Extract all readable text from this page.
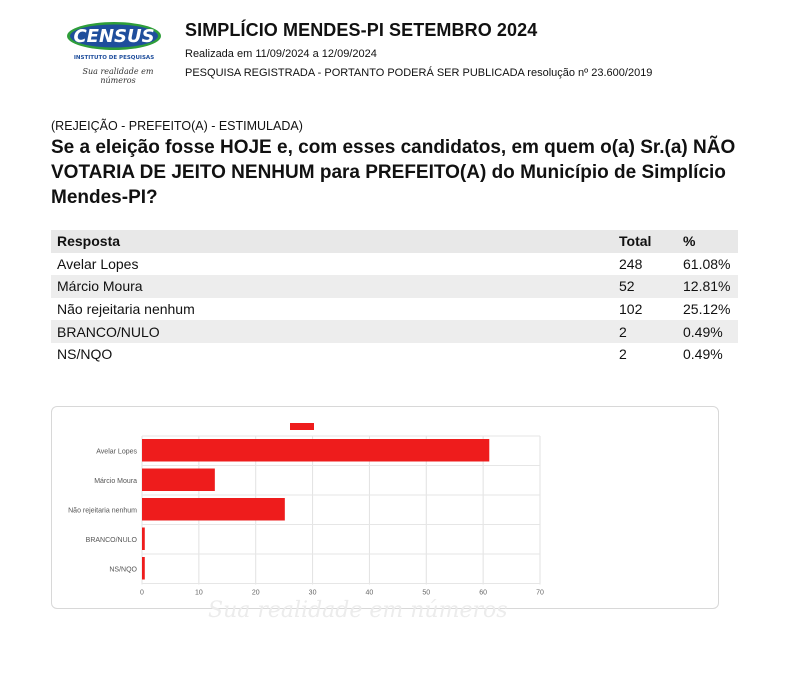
CENSUS
INSTITUTO DE PESQUISAS
Sua realidade em números
SIMPLÍCIO MENDES-PI SETEMBRO 2024
Realizada em 11/09/2024 a 12/09/2024
PESQUISA REGISTRADA - PORTANTO PODERÁ SER PUBLICADA resolução nº 23.600/2019
(REJEIÇÃO - PREFEITO(A) - ESTIMULADA)
Se a eleição fosse HOJE e, com esses candidatos, em quem o(a) Sr.(a) NÃO VOTARIA DE JEITO NENHUM para PREFEITO(A) do Município de Simplício Mendes-PI?
Resposta	Total	%
Avelar Lopes	248	61.08%
Márcio Moura	52	12.81%
Não rejeitaria nenhum	102	25.12%
BRANCO/NULO	2	0.49%
NS/NQO	2	0.49%
0	10	20	30	40	50	60	70
Avelar Lopes
Márcio Moura
Não rejeitaria nenhum
BRANCO/NULO
NS/NQO
Sua realidade em números
